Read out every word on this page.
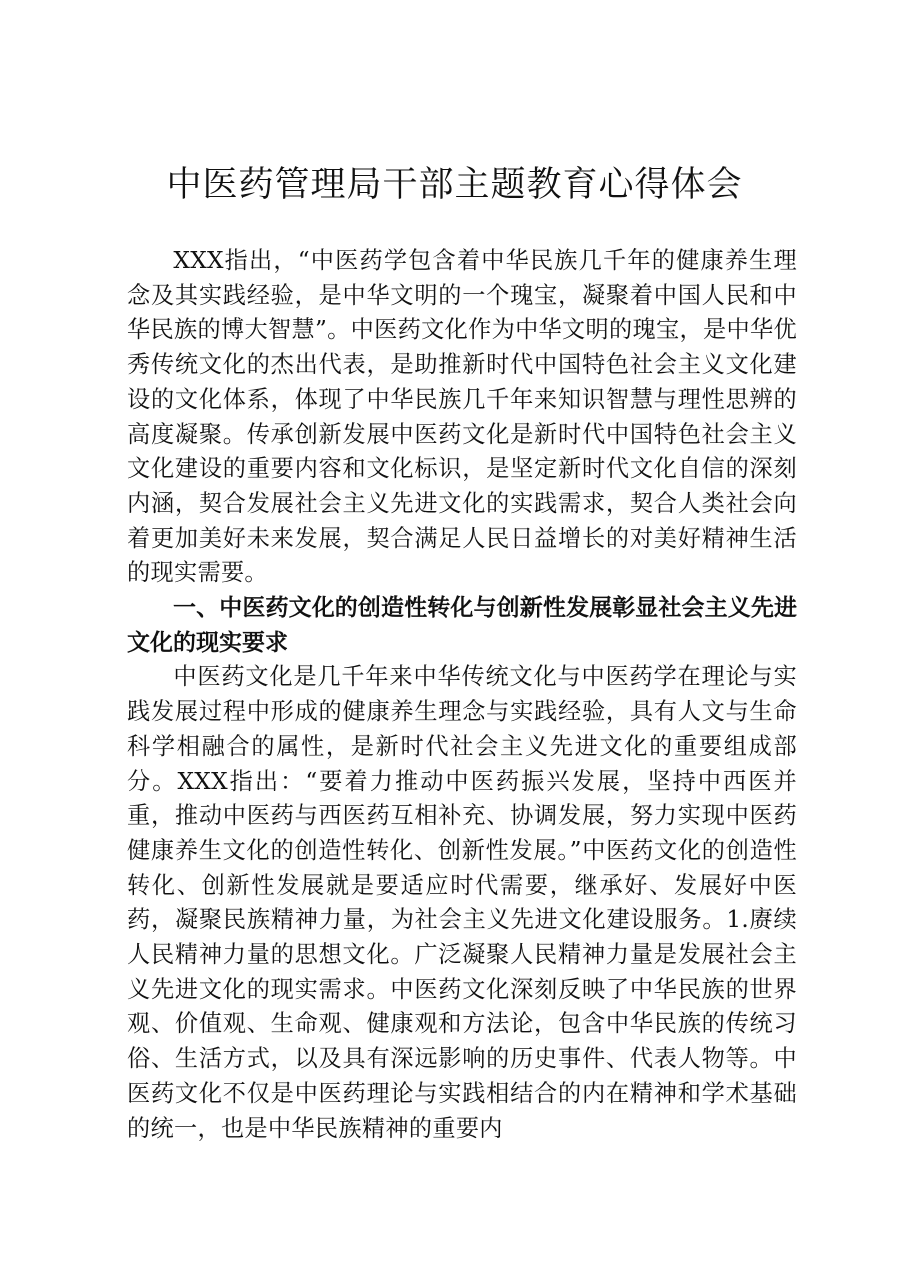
中医药管理局干部主题教育心得体会

XXX指出，“中医药学包含着中华民族几千年的健康养生理念及其实践经验，是中华文明的一个瑰宝，凝聚着中国人民和中华民族的博大智慧”。中医药文化作为中华文明的瑰宝，是中华优秀传统文化的杰出代表，是助推新时代中国特色社会主义文化建设的文化体系，体现了中华民族几千年来知识智慧与理性思辨的高度凝聚。传承创新发展中医药文化是新时代中国特色社会主义文化建设的重要内容和文化标识，是坚定新时代文化自信的深刻内涵，契合发展社会主义先进文化的实践需求，契合人类社会向着更加美好未来发展，契合满足人民日益增长的对美好精神生活的现实需要。

一、中医药文化的创造性转化与创新性发展彰显社会主义先进文化的现实要求

中医药文化是几千年来中华传统文化与中医药学在理论与实践发展过程中形成的健康养生理念与实践经验，具有人文与生命科学相融合的属性，是新时代社会主义先进文化的重要组成部分。XXX指出：“要着力推动中医药振兴发展，坚持中西医并重，推动中医药与西医药互相补充、协调发展，努力实现中医药健康养生文化的创造性转化、创新性发展。”中医药文化的创造性转化、创新性发展就是要适应时代需要，继承好、发展好中医药，凝聚民族精神力量，为社会主义先进文化建设服务。1.赓续人民精神力量的思想文化。广泛凝聚人民精神力量是发展社会主义先进文化的现实需求。中医药文化深刻反映了中华民族的世界观、价值观、生命观、健康观和方法论，包含中华民族的传统习俗、生活方式，以及具有深远影响的历史事件、代表人物等。中医药文化不仅是中医药理论与实践相结合的内在精神和学术基础的统一，也是中华民族精神的重要内
